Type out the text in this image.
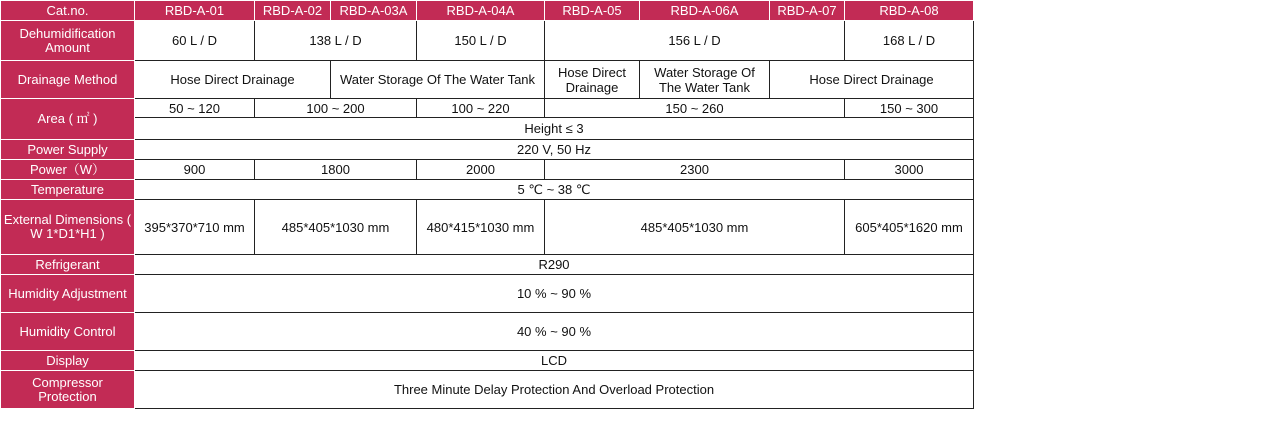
Cat.no.	RBD-A-01	RBD-A-02	RBD-A-03A	RBD-A-04A	RBD-A-05	RBD-A-06A	RBD-A-07	RBD-A-08
Dehumidification Amount	60 L / D	138 L / D		150 L / D	156 L / D			168 L / D
Drainage Method	Hose Direct Drainage		Water Storage Of The Water Tank		Hose Direct Drainage	Water Storage Of The Water Tank	Hose Direct Drainage	
Area ( ㎡ )	50 ~ 120	100 ~ 200		100 ~ 220	150 ~ 260			150 ~ 300
	Height ≤ 3							
Power Supply	220 V, 50 Hz							
Power（W）	900	1800		2000	2300			3000
Temperature	5 ℃ ~ 38 ℃							
External Dimensions ( W 1*D1*H1 )	395*370*710 mm	485*405*1030 mm		480*415*1030 mm	485*405*1030 mm			605*405*1620 mm
Refrigerant	R290							
Humidity Adjustment	10 % ~ 90 %							
Humidity Control	40 % ~ 90 %							
Display	LCD							
Compressor Protection	Three Minute Delay Protection And Overload Protection							
